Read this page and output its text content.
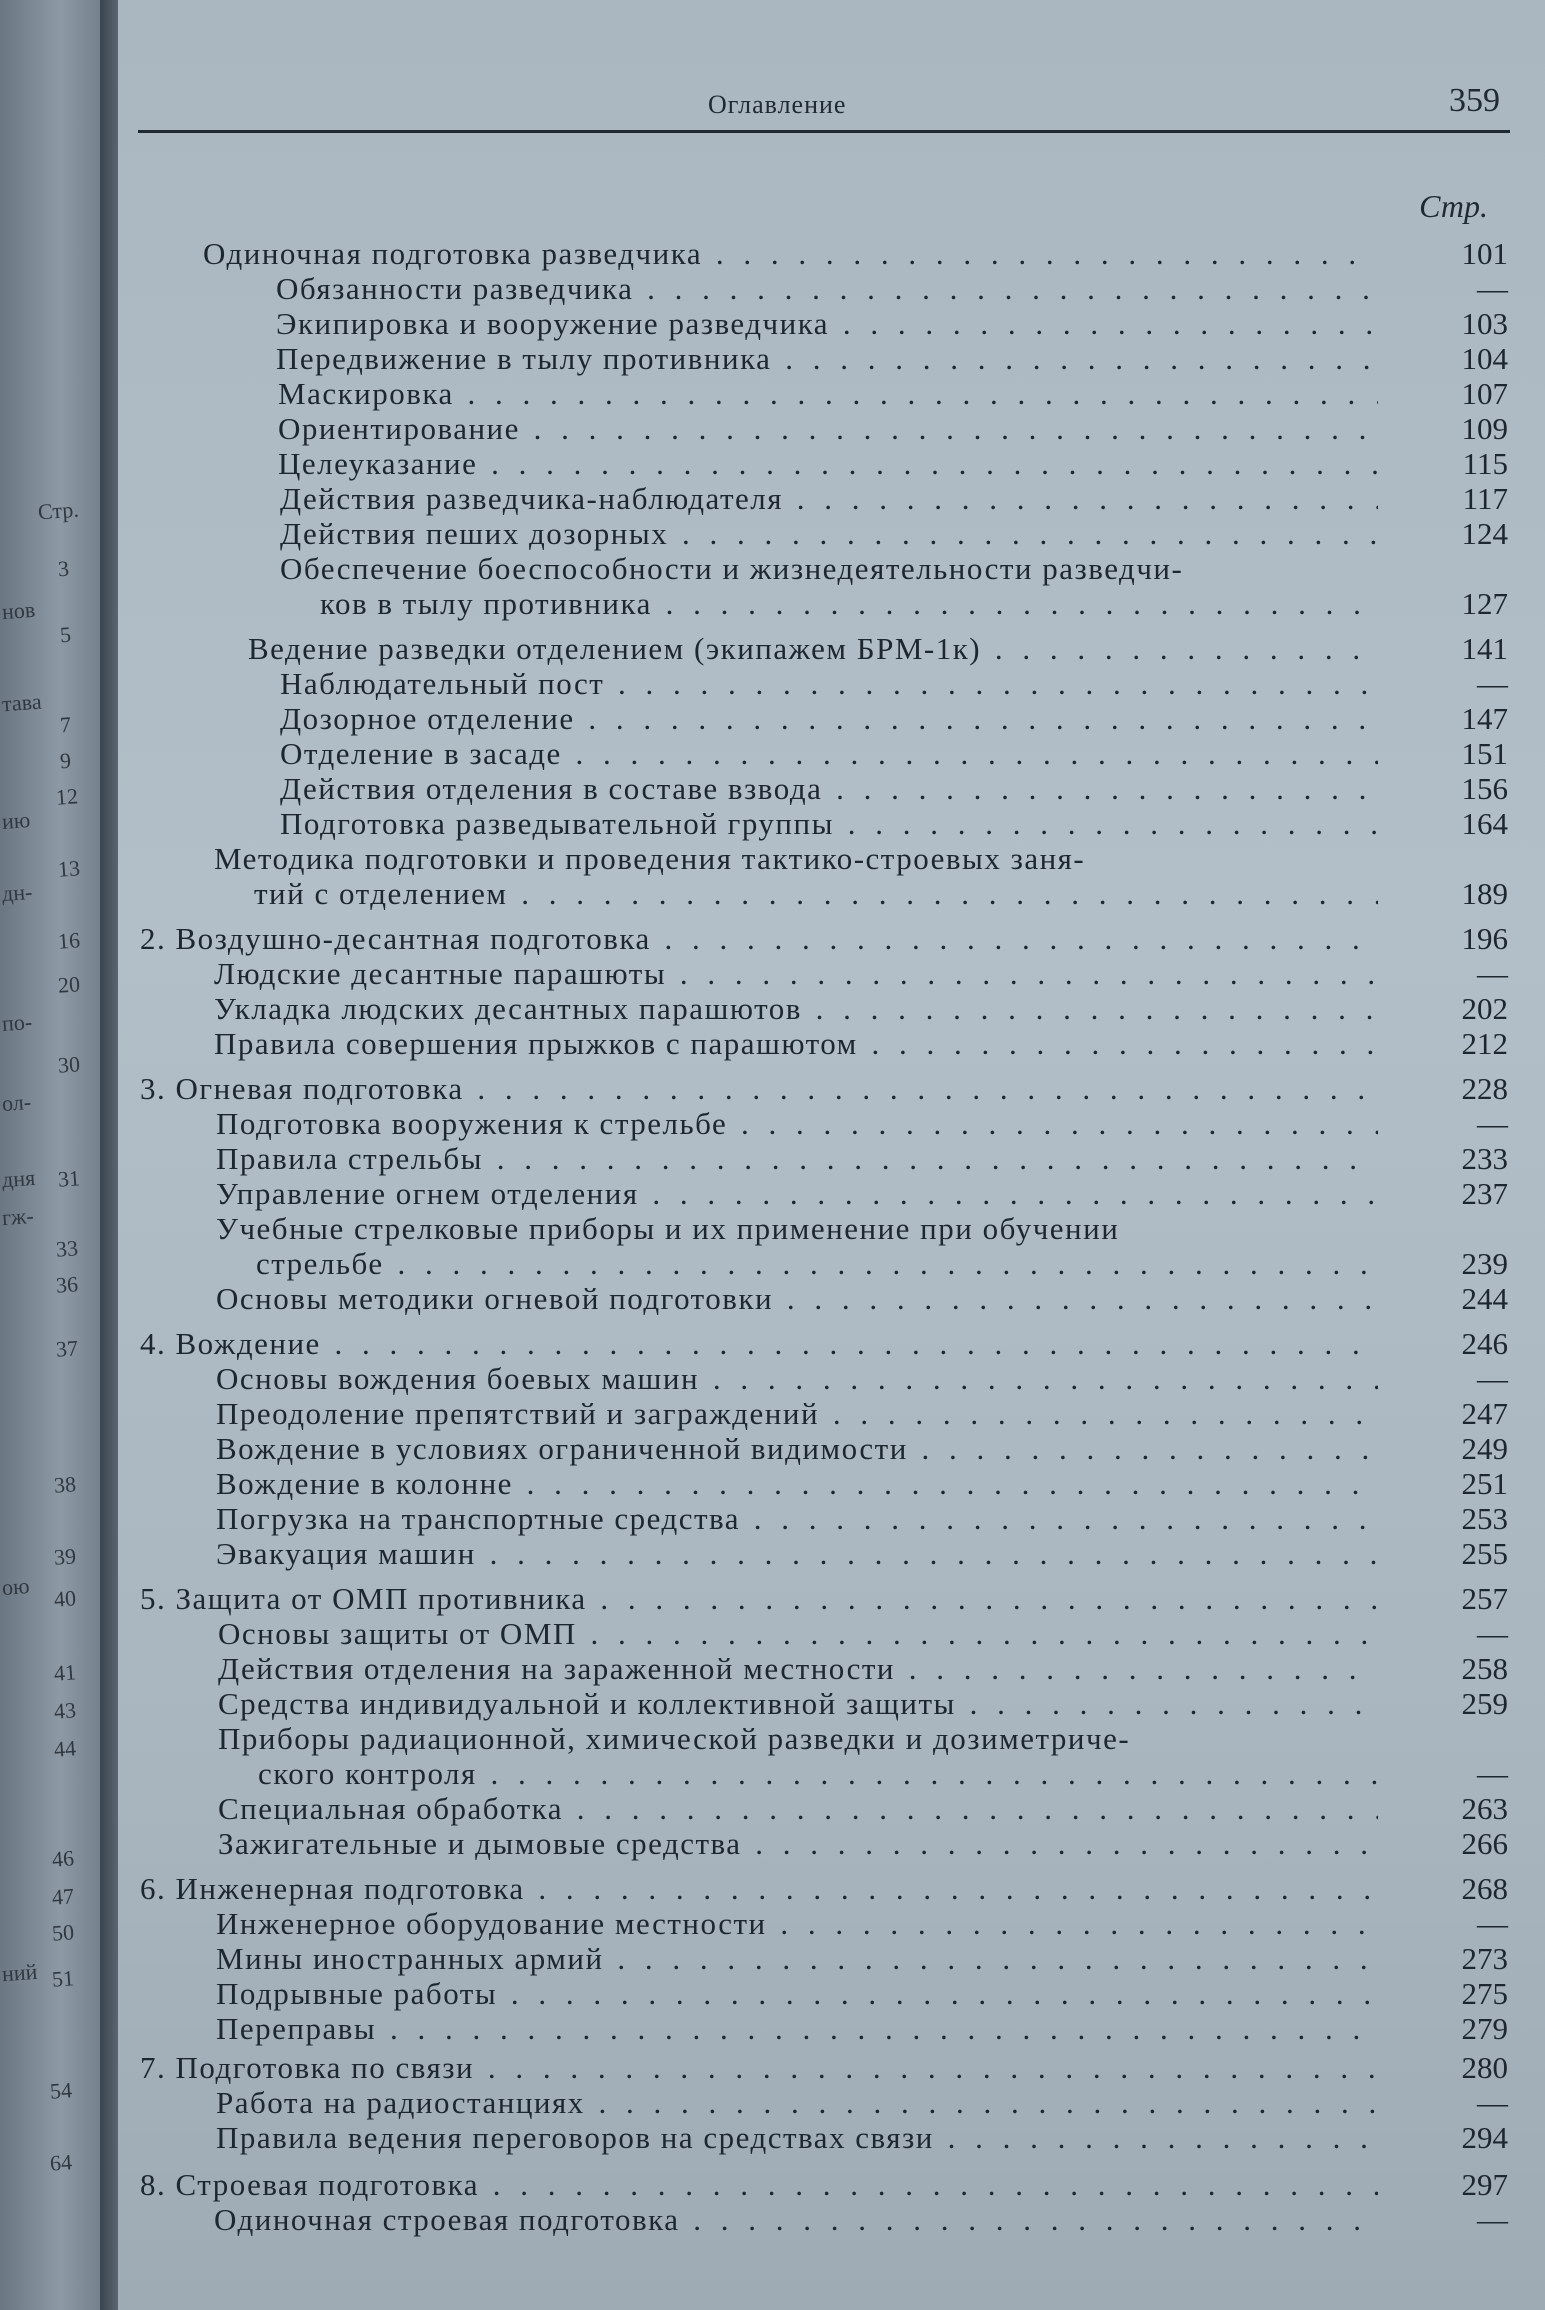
Стр.
3
нов
5
тава
7
9
12
ию
13
дн-
16
20
по-
30
ол-
дня 31
гж-
33
36
37
38
39
ою 40
41
43
44
46
47
50
ний 51
54
64
Оглавление	359
Стр.
Одиночная подготовка разведчика . . .	101
Обязанности разведчика . . .	—
Экипировка и вооружение разведчика . . .	103
Передвижение в тылу противника . . .	104
Маскировка . . .	107
Ориентирование . . .	109
Целеуказание . . .	115
Действия разведчика-наблюдателя . . .	117
Действия пеших дозорных . . .	124
Обеспечение боеспособности и жизнедеятельности разведчи-
ков в тылу противника . . .	127
Ведение разведки отделением (экипажем БРМ-1к) . . .	141
Наблюдательный пост . . .	—
Дозорное отделение . . .	147
Отделение в засаде . . .	151
Действия отделения в составе взвода . . .	156
Подготовка разведывательной группы . . .	164
Методика подготовки и проведения тактико-строевых заня-
тий с отделением . . .	189
2. Воздушно-десантная подготовка . . .	196
Людские десантные парашюты . . .	—
Укладка людских десантных парашютов . . .	202
Правила совершения прыжков с парашютом . . .	212
3. Огневая подготовка . . .	228
Подготовка вооружения к стрельбе . . .	—
Правила стрельбы . . .	233
Управление огнем отделения . . .	237
Учебные стрелковые приборы и их применение при обучении
стрельбе . . .	239
Основы методики огневой подготовки . . .	244
4. Вождение . . .	246
Основы вождения боевых машин . . .	—
Преодоление препятствий и заграждений . . .	247
Вождение в условиях ограниченной видимости . . .	249
Вождение в колонне . . .	251
Погрузка на транспортные средства . . .	253
Эвакуация машин . . .	255
5. Защита от ОМП противника . . .	257
Основы защиты от ОМП . . .	—
Действия отделения на зараженной местности . . .	258
Средства индивидуальной и коллективной защиты . . .	259
Приборы радиационной, химической разведки и дозиметриче-
ского контроля . . .	—
Специальная обработка . . .	263
Зажигательные и дымовые средства . . .	266
6. Инженерная подготовка . . .	268
Инженерное оборудование местности . . .	—
Мины иностранных армий . . .	273
Подрывные работы . . .	275
Переправы . . .	279
7. Подготовка по связи . . .	280
Работа на радиостанциях . . .	—
Правила ведения переговоров на средствах связи . . .	294
8. Строевая подготовка . . .	297
Одиночная строевая подготовка . . .	—
